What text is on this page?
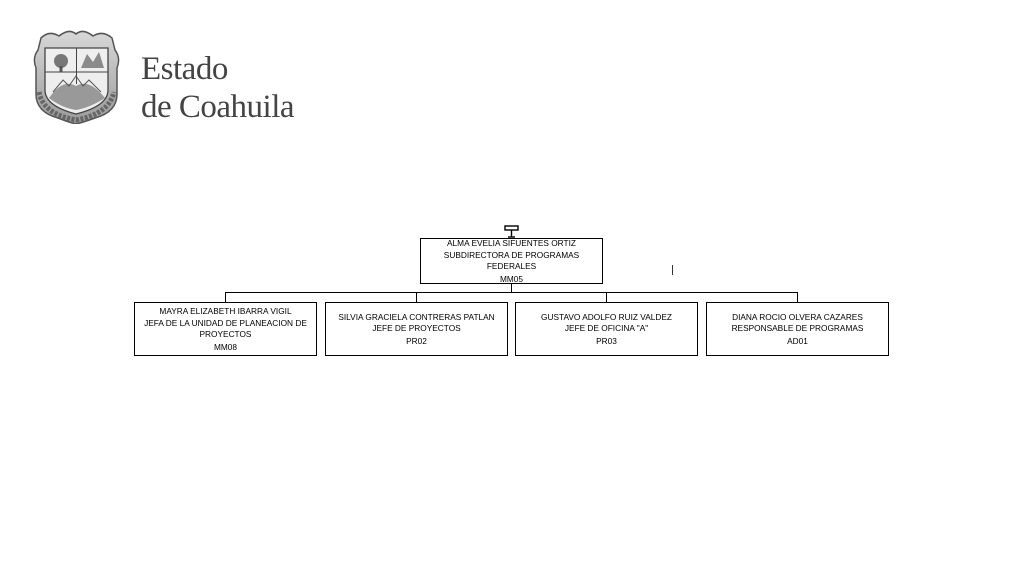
Estado
de Coahuila
ALMA EVELIA SIFUENTES ORTIZ
SUBDIRECTORA DE PROGRAMAS FEDERALES
MM05
MAYRA ELIZABETH IBARRA VIGIL
JEFA DE LA UNIDAD DE PLANEACION DE PROYECTOS
MM08
SILVIA GRACIELA CONTRERAS PATLAN
JEFE DE PROYECTOS
PR02
GUSTAVO ADOLFO RUIZ VALDEZ
JEFE DE OFICINA "A"
PR03
DIANA ROCIO OLVERA CAZARES
RESPONSABLE DE PROGRAMAS
AD01
